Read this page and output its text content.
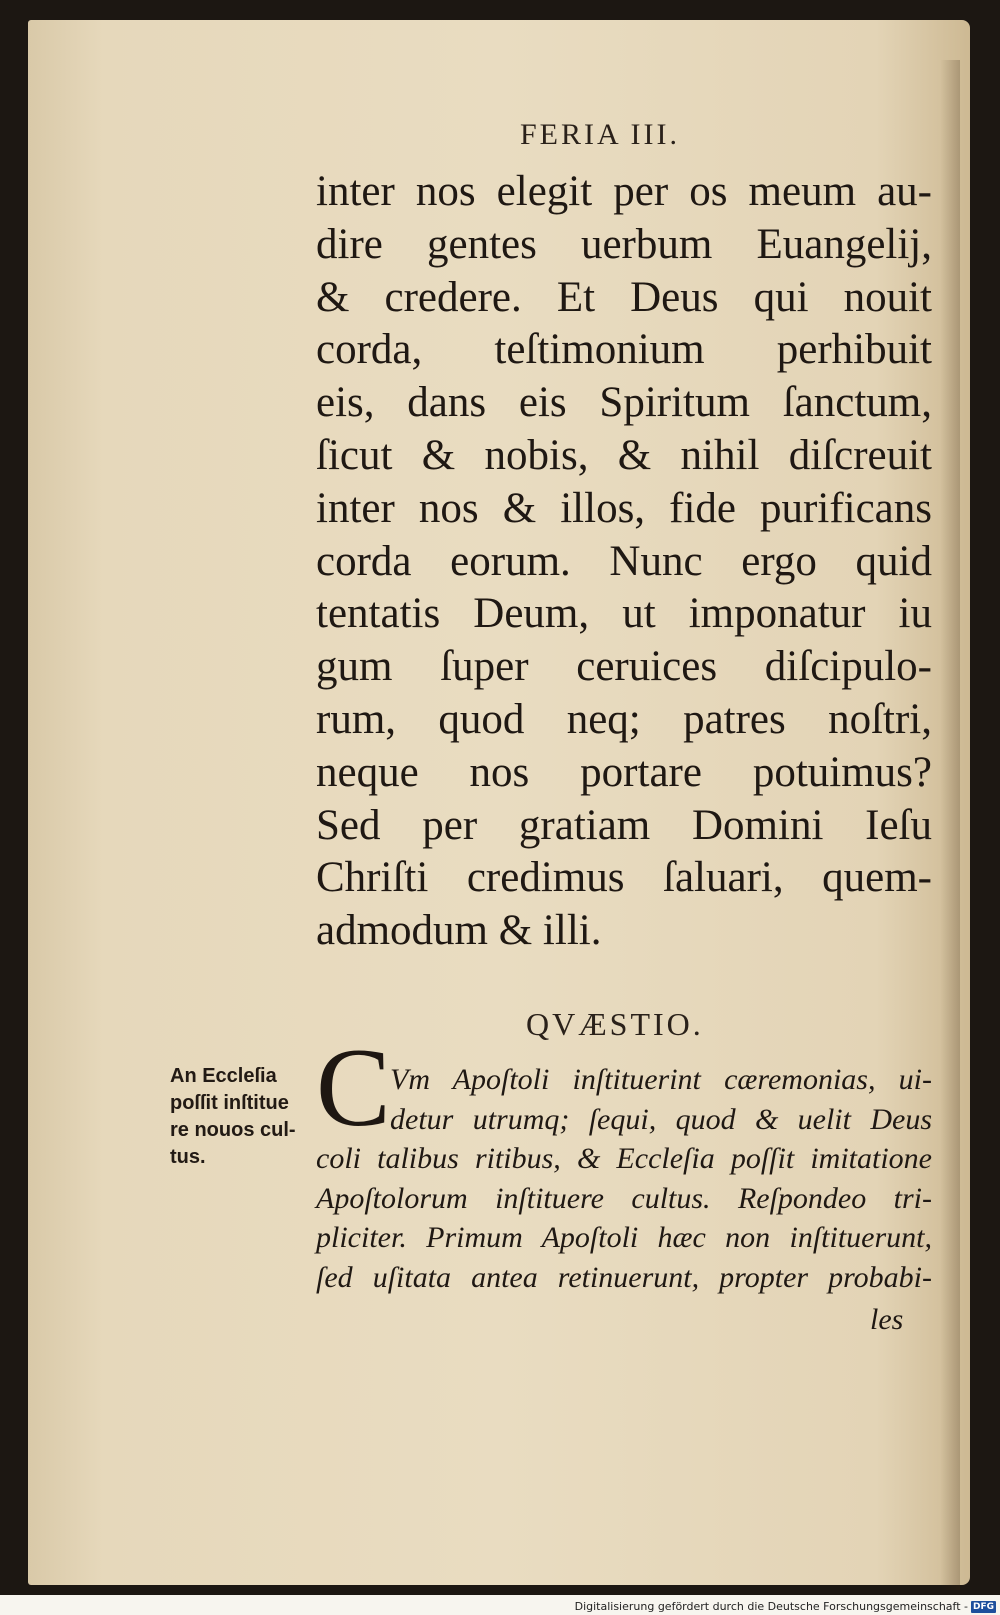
FERIA III.
inter nos elegit per os meum au-
dire gentes uerbum Euangelij,
& credere. Et Deus qui nouit
corda, teſtimonium perhibuit
eis, dans eis Spiritum ſanctum,
ſicut & nobis, & nihil diſcreuit
inter nos & illos, fide purificans
corda eorum. Nunc ergo quid
tentatis Deum, ut imponatur iu
gum ſuper ceruices diſcipulo-
rum, quod neq; patres noſtri,
neque nos portare potuimus?
Sed per gratiam Domini Ieſu
Chriſti credimus ſaluari, quem-
admodum & illi.
QVÆSTIO.
An Eccleſia
poſſit inſtitue
re nouos cul-
tus.
C Vm Apoſtoli inſtituerint cæremonias, ui-
detur utrumq; ſequi, quod & uelit Deus
coli talibus ritibus, & Eccleſia poſſit imitatione
Apoſtolorum inſtituere cultus. Reſpondeo tri-
pliciter. Primum Apoſtoli hæc non inſtituerunt,
ſed uſitata antea retinuerunt, propter probabi-
les
Digitalisierung gefördert durch die Deutsche Forschungsgemeinschaft - DFG
